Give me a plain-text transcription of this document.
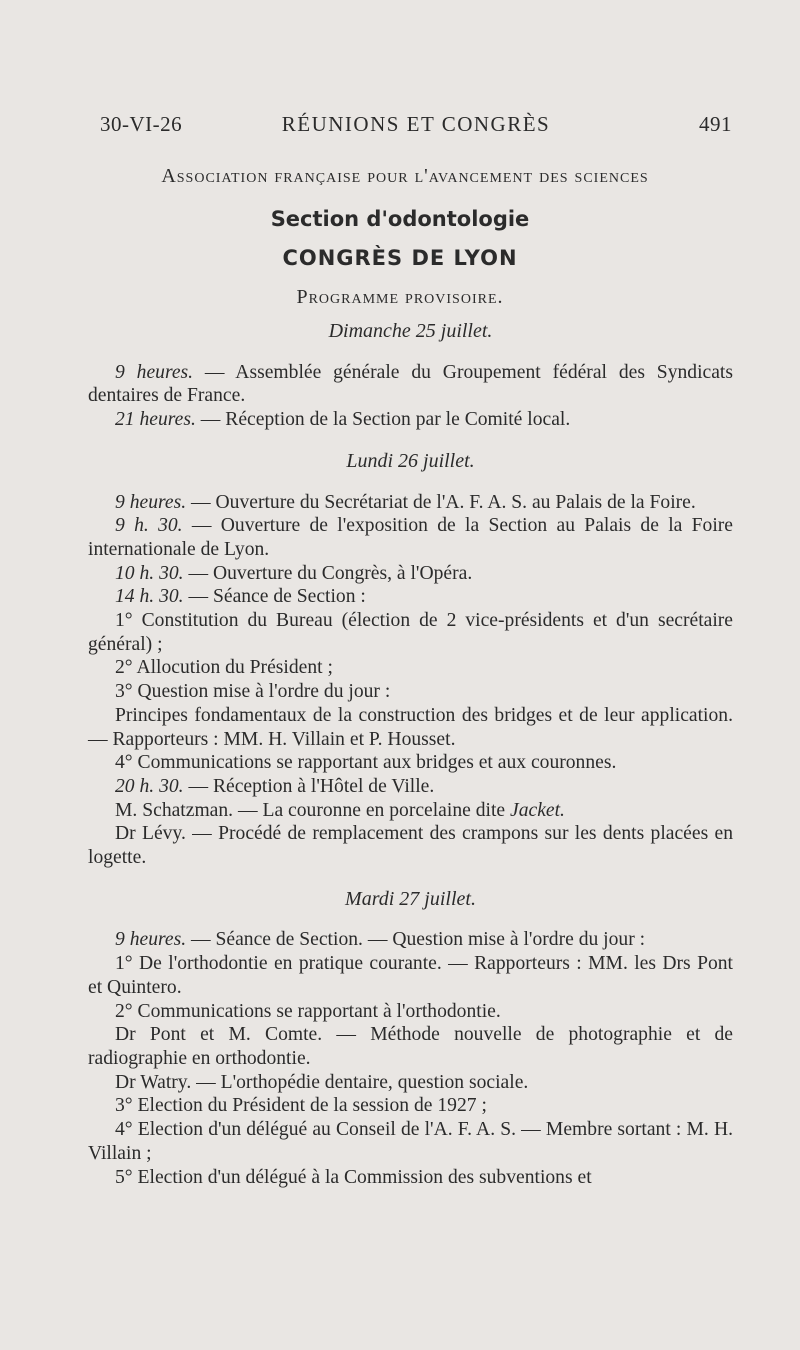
30-VI-26	RÉUNIONS ET CONGRÈS	491
Association française pour l'avancement des sciences
Section d'odontologie
CONGRÈS DE LYON
Programme provisoire.
Dimanche 25 juillet.

9 heures. — Assemblée générale du Groupement fédéral des Syndicats dentaires de France.

21 heures. — Réception de la Section par le Comité local.

Lundi 26 juillet.

9 heures. — Ouverture du Secrétariat de l'A. F. A. S. au Palais de la Foire.

9 h. 30. — Ouverture de l'exposition de la Section au Palais de la Foire internationale de Lyon.

10 h. 30. — Ouverture du Congrès, à l'Opéra.

14 h. 30. — Séance de Section :

1° Constitution du Bureau (élection de 2 vice-présidents et d'un secrétaire général) ;

2° Allocution du Président ;

3° Question mise à l'ordre du jour :

Principes fondamentaux de la construction des bridges et de leur application. — Rapporteurs : MM. H. Villain et P. Housset.

4° Communications se rapportant aux bridges et aux couronnes.

20 h. 30. — Réception à l'Hôtel de Ville.

M. Schatzman. — La couronne en porcelaine dite Jacket.

Dr Lévy. — Procédé de remplacement des crampons sur les dents placées en logette.

Mardi 27 juillet.

9 heures. — Séance de Section. — Question mise à l'ordre du jour :

1° De l'orthodontie en pratique courante. — Rapporteurs : MM. les Drs Pont et Quintero.

2° Communications se rapportant à l'orthodontie.

Dr Pont et M. Comte. — Méthode nouvelle de photographie et de radiographie en orthodontie.

Dr Watry. — L'orthopédie dentaire, question sociale.

3° Election du Président de la session de 1927 ;

4° Election d'un délégué au Conseil de l'A. F. A. S. — Membre sortant : M. H. Villain ;

5° Election d'un délégué à la Commission des subventions et
